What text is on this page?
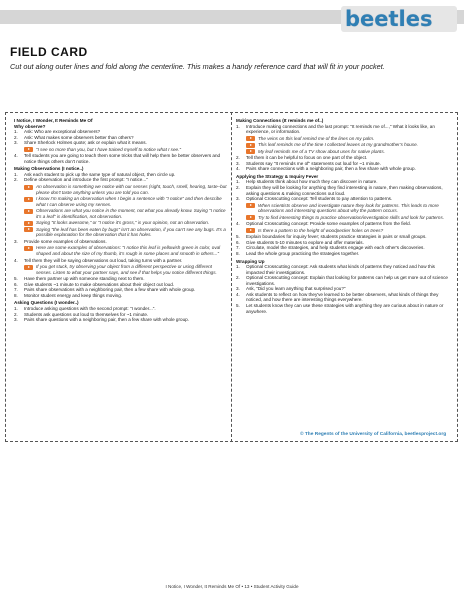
beetles
FIELD CARD
Cut out along outer lines and fold along the centerline. This makes a handy reference card that will fit in your pocket.
I Notice, I Wonder, It Reminds Me Of
Why observe?
1.	Ask: Who are exceptional observers?
2.	Ask: What makes some observers better than others?
3.	Share Sherlock Holmes quote; ask or explain what it means.
"I see no more than you, but I have trained myself to notice what I see."
4.	Tell students you are going to teach them some tricks that will help them be better observers and notice things others don't notice.
Making Observations (I notice..)
1.	Ask each student to pick up the same type of natural object, then circle up.
2.	Define observation and introduce the first prompt: "I notice..."
An observation is something we notice with our senses (sight, touch, smell, hearing, taste–but please don't taste anything unless you are told you can.
I know I'm making an observation when I begin a sentence with "I notice" and then describe what I can observe using my senses.
Observations are what you notice in the moment, not what you already know. Saying "I notice it's a leaf" is identification, not observation.
Saying "It looks awesome," or "I notice it's gross," is your opinion, not an observation.
Saying "the leaf has been eaten by bugs" isn't an observation, if you can't see any bugs. It's a possible explanation for the observation that it has holes.
3.	Provide some examples of observations.
Here are some examples of observations: "I notice this leaf is yellowish green in color, oval shaped and about the size of my thumb, it's rough in some places and smooth in others..."
4.	Tell them they will be saying observations out loud, taking turns with a partner.
If you get stuck, try observing your object from a different perspective or using different senses. Listen to what your partner says, and see if that helps you notice different things.
5.	Have them partner up with someone standing next to them.
6.	Give students ~1 minute to make observations about their object out loud.
7.	Pairs share observations with a neighboring pair, then a few share with whole group.
8.	Monitor student energy and keep things moving.
Asking Questions (I wonder..)
1.	Introduce asking questions with the second prompt: "I wonder...".
2.	Students ask questions out loud to themselves for ~1 minute.
3.	Pairs share questions with a neighboring pair, then a few share with whole group.
Making Connections (It reminds me of..)
1.	Introduce making connections and the last prompt: "It reminds me of...," What it looks like, an experience, or information.
The veins on this leaf remind me of the lines on my palm.
This leaf reminds me of the time I collected leaves at my grandmother's house.
My leaf reminds me of a TV show about uses for native plants.
2.	Tell them it can be helpful to focus on one part of the object.
3.	Students say "It reminds me of" statements out loud for ~1 minute.
4.	Pairs share connections with a neighboring pair, then a few share with whole group.
Applying the Strategy & Inquiry Fever
1.	Help students think about how much they can discover in nature.
2.	Explain they will be looking for anything they find interesting in nature, then making observations, asking questions & making connections out loud.
3.	Optional Crosscutting concept: Tell students to pay attention to patterns.
When scientists observe and investigate nature they look for patterns. This leads to more observations and interesting questions about why the pattern occurs.
Try to find interesting things to practice observation/investigation skills and look for patterns.
4.	Optional Crosscutting concept: Provide some examples of patterns from the field.
Is there a pattern to the height of woodpecker holes on trees?
5.	Explain boundaries for inquiry fever; students practice strategies in pairs or small groups.
6.	Give students 5-10 minutes to explore and offer materials.
7.	Circulate, model the strategies, and help students engage with each other's discoveries.
8.	Lead the whole group practicing the strategies together.
Wrapping Up
1.	Optional Crosscutting concept: Ask students what kinds of patterns they noticed and how this impacted their investigations.
2.	Optional Crosscutting concept: Explain that looking for patterns can help us get more out of science investigations.
3.	Ask, "Did you learn anything that surprised you?"
4.	Ask students to reflect on how they've learned to be better observers, what kinds of things they noticed, and how there are interesting things everywhere.
5.	Let students know they can use these strategies with anything they are curious about in nature or anywhere.
© The Regents of the University of California, beetlesproject.org
I Notice, I Wonder, It Reminds Me Of • 13 • Student Activity Guide
